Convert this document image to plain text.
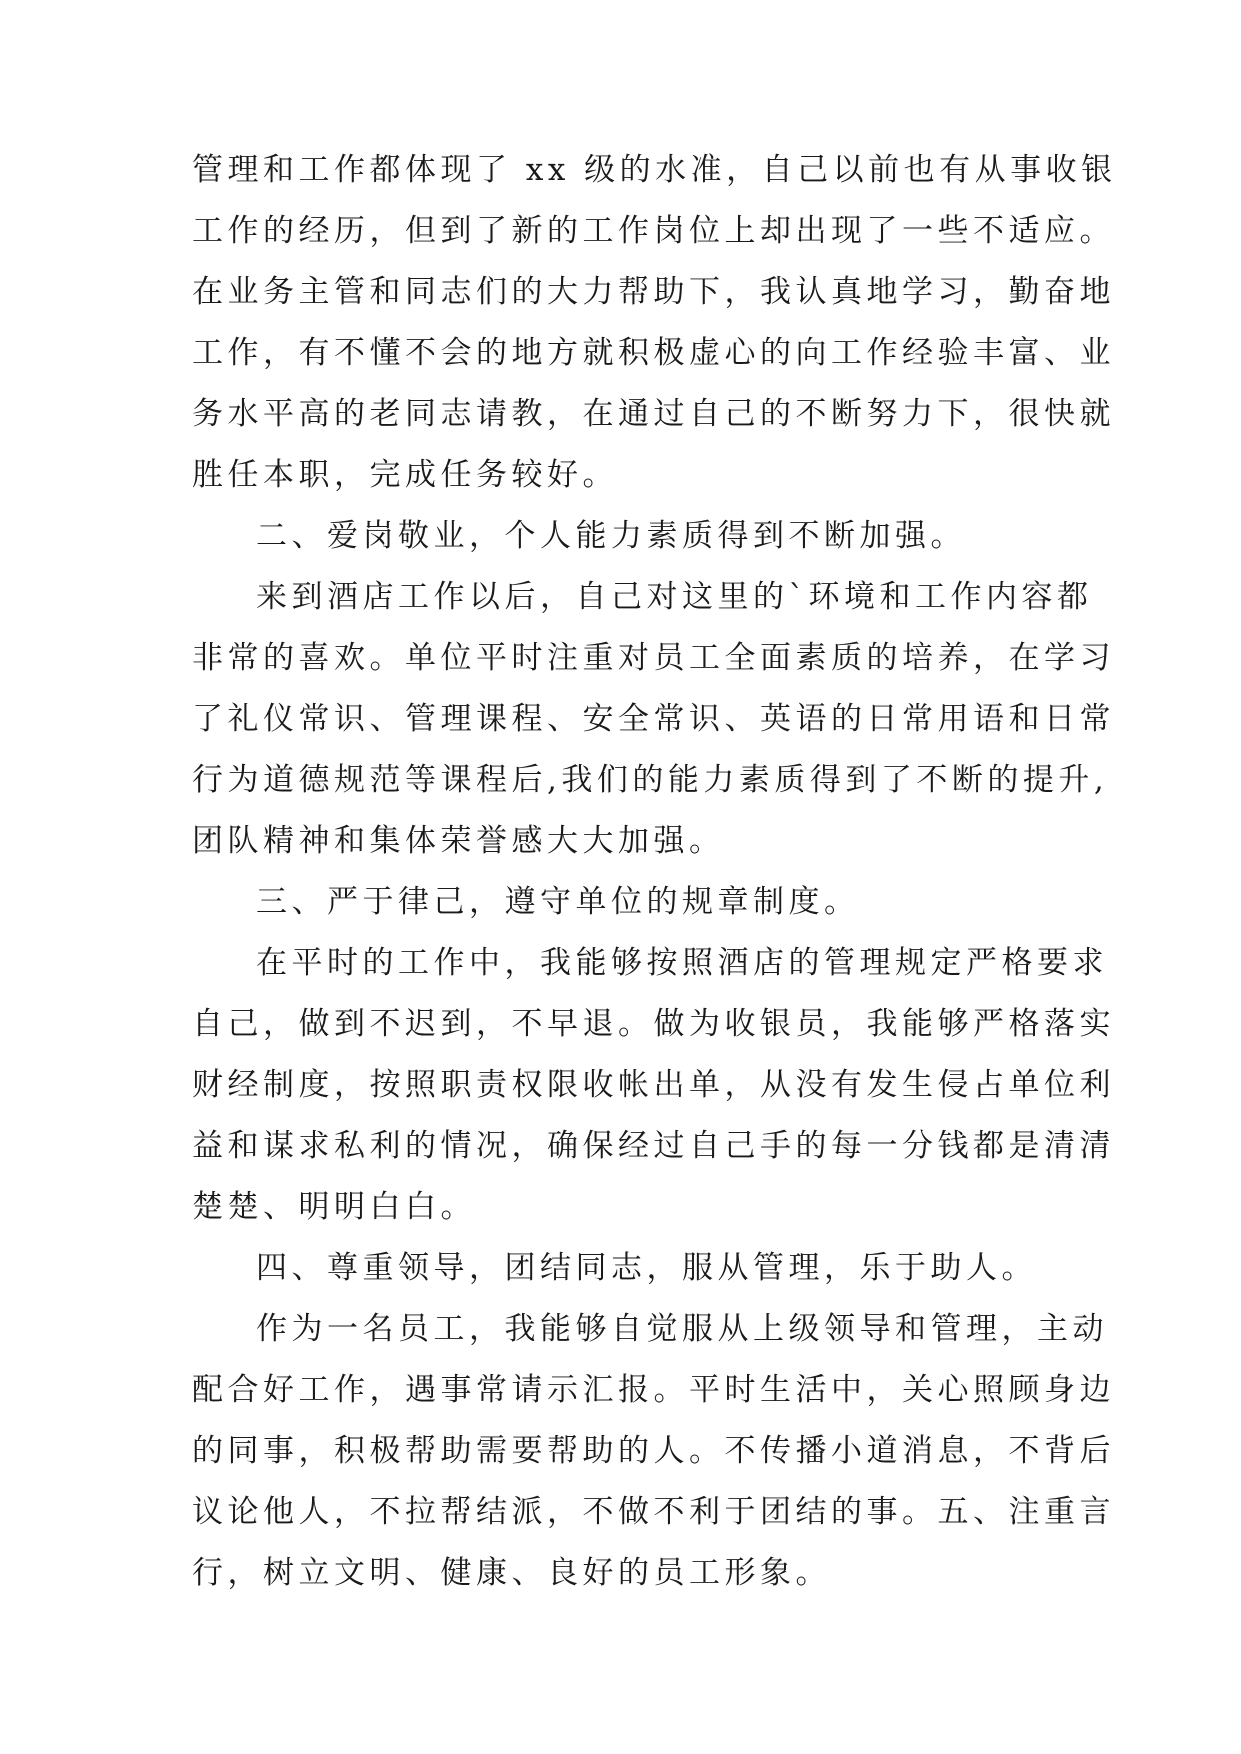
管理和工作都体现了 xx 级的水准，自己以前也有从事收银
工作的经历，但到了新的工作岗位上却出现了一些不适应。
在业务主管和同志们的大力帮助下，我认真地学习，勤奋地
工作，有不懂不会的地方就积极虚心的向工作经验丰富、业
务水平高的老同志请教，在通过自己的不断努力下，很快就
胜任本职，完成任务较好。
二、爱岗敬业，个人能力素质得到不断加强。
来到酒店工作以后，自己对这里的`环境和工作内容都
非常的喜欢。单位平时注重对员工全面素质的培养，在学习
了礼仪常识、管理课程、安全常识、英语的日常用语和日常
行为道德规范等课程后,我们的能力素质得到了不断的提升,
团队精神和集体荣誉感大大加强。
三、严于律己，遵守单位的规章制度。
在平时的工作中，我能够按照酒店的管理规定严格要求
自己，做到不迟到，不早退。做为收银员，我能够严格落实
财经制度，按照职责权限收帐出单，从没有发生侵占单位利
益和谋求私利的情况，确保经过自己手的每一分钱都是清清
楚楚、明明白白。
四、尊重领导，团结同志，服从管理，乐于助人。
作为一名员工，我能够自觉服从上级领导和管理，主动
配合好工作，遇事常请示汇报。平时生活中，关心照顾身边
的同事，积极帮助需要帮助的人。不传播小道消息，不背后
议论他人，不拉帮结派，不做不利于团结的事。五、注重言
行，树立文明、健康、良好的员工形象。
